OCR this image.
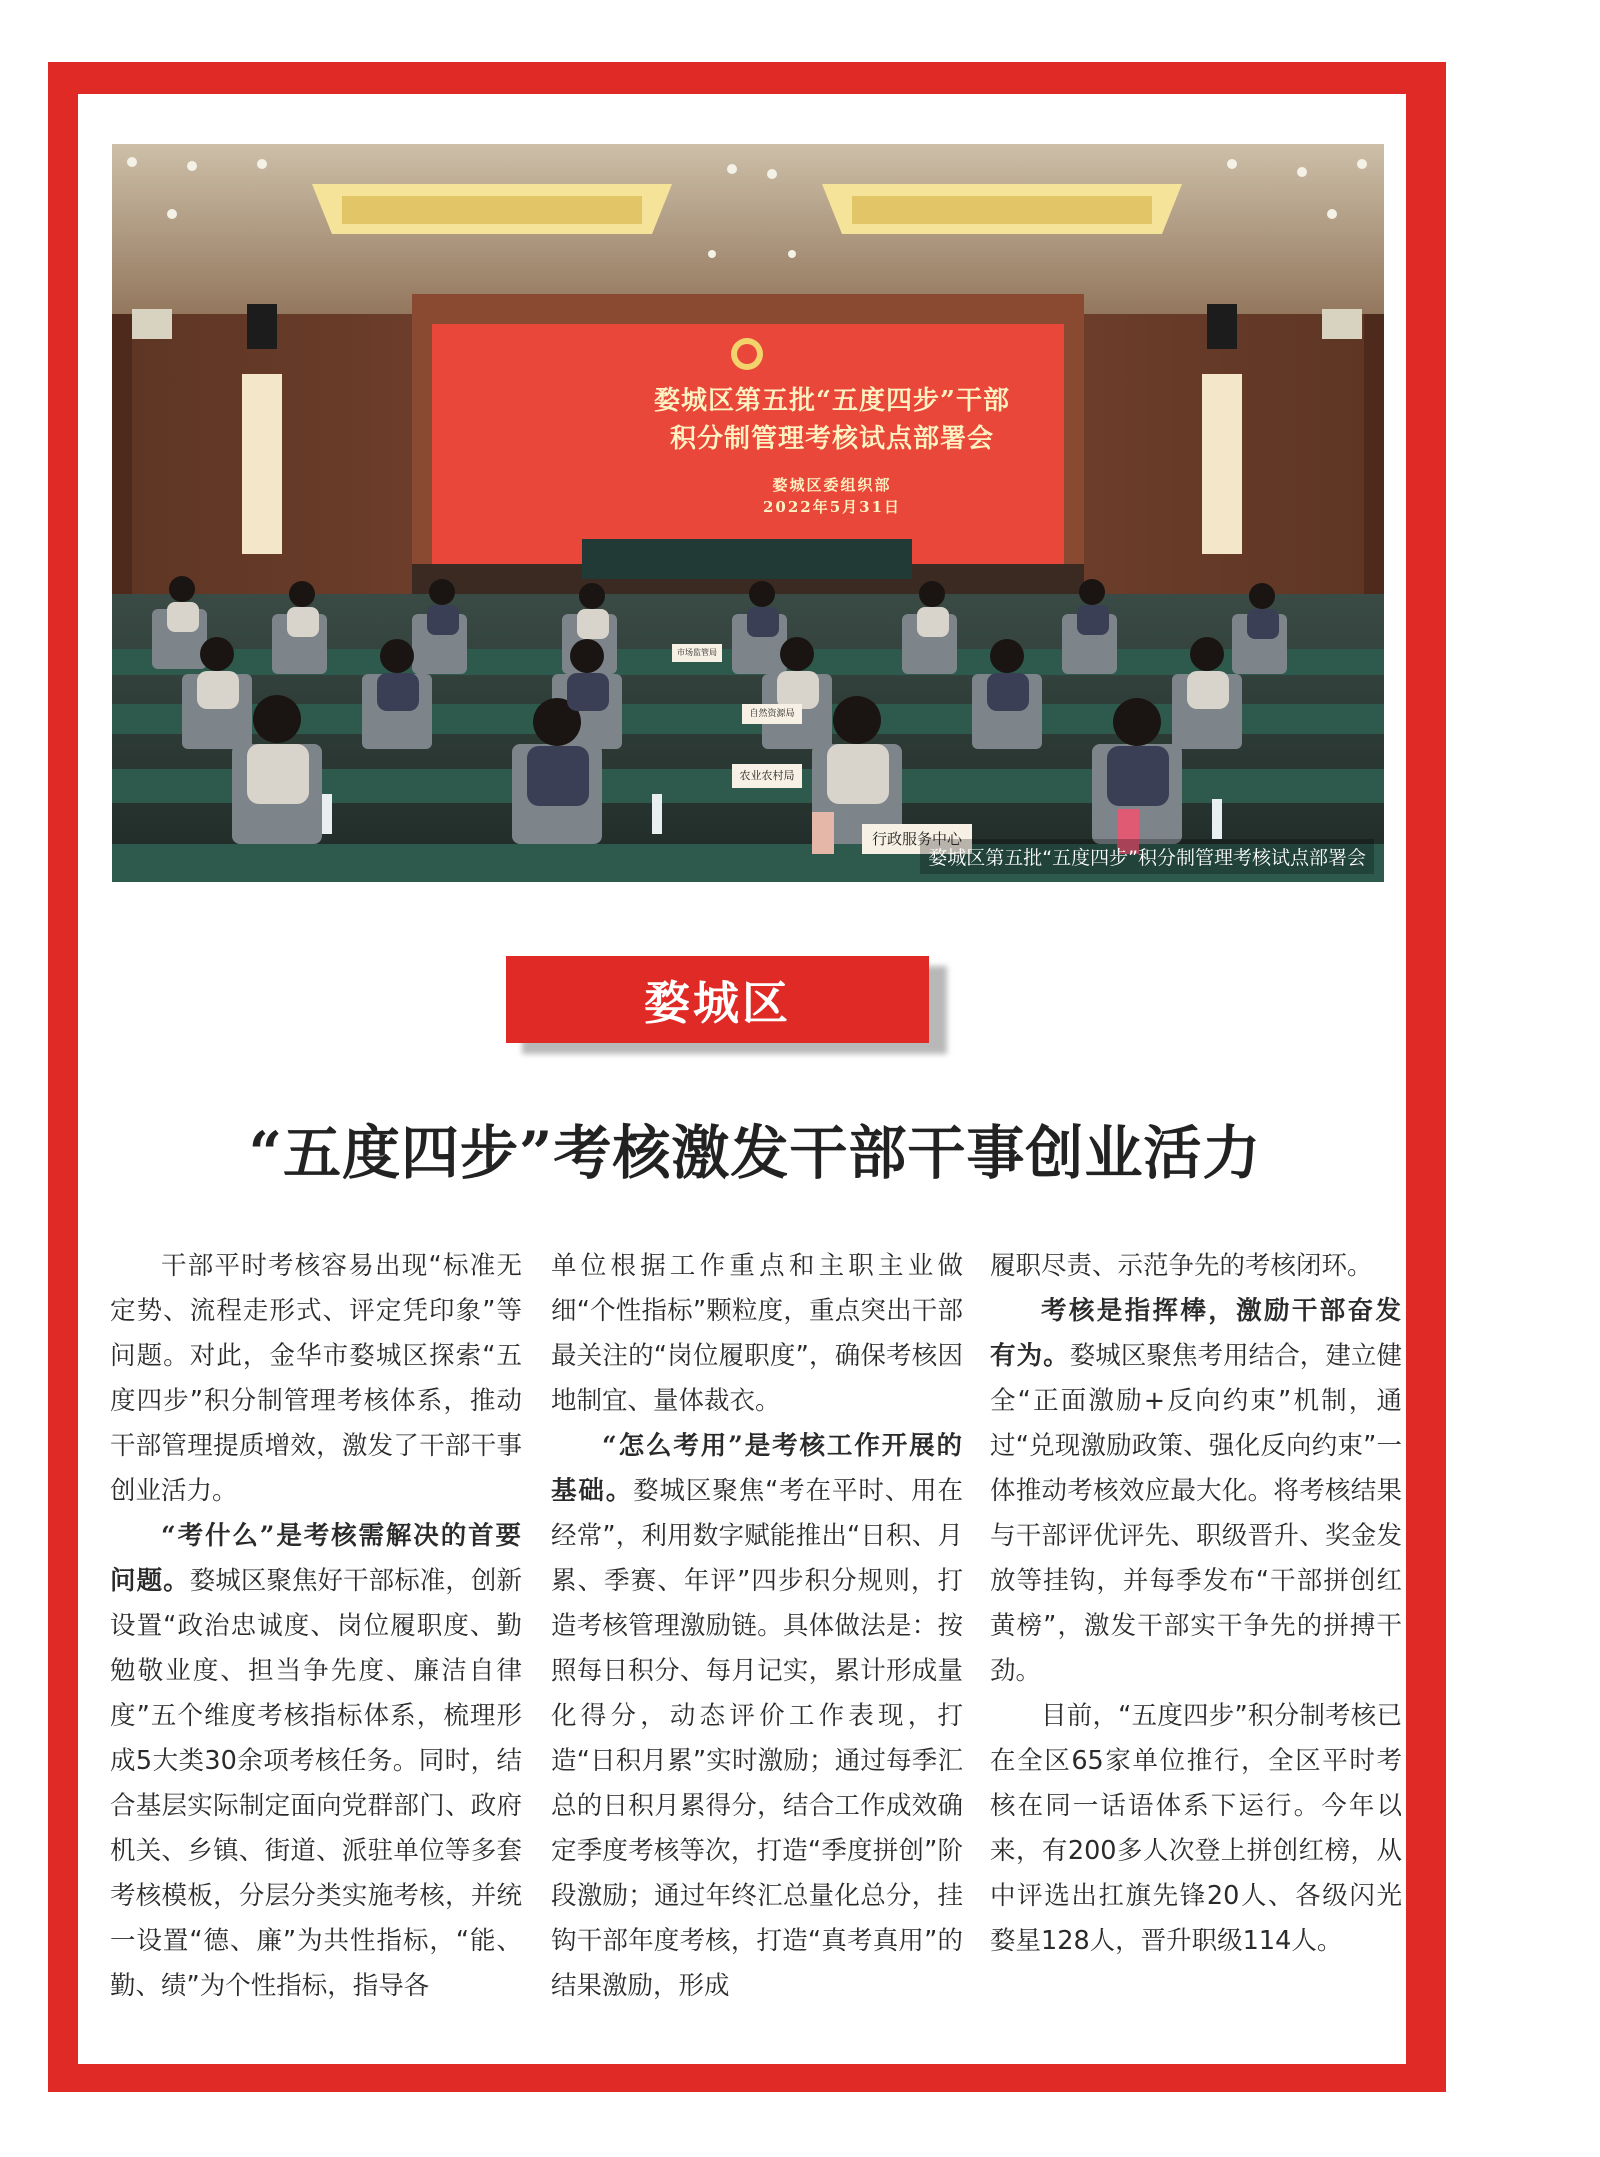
婺城区第五批“五度四步”干部
积分制管理考核试点部署会
婺城区委组织部
2022年5月31日
婺城区第五批“五度四步”积分制管理考核试点部署会
行政服务中心
农业农村局
自然资源局
市场监管局
婺城区
“五度四步”考核激发干部干事创业活力

干部平时考核容易出现“标准无定势、流程走形式、评定凭印象”等问题。对此，金华市婺城区探索“五度四步”积分制管理考核体系，推动干部管理提质增效，激发了干部干事创业活力。

“考什么”是考核需解决的首要问题。婺城区聚焦好干部标准，创新设置“政治忠诚度、岗位履职度、勤勉敬业度、担当争先度、廉洁自律度”五个维度考核指标体系，梳理形成5大类30余项考核任务。同时，结合基层实际制定面向党群部门、政府机关、乡镇、街道、派驻单位等多套考核模板，分层分类实施考核，并统一设置“德、廉”为共性指标，“能、勤、绩”为个性指标，指导各

单位根据工作重点和主职主业做细“个性指标”颗粒度，重点突出干部最关注的“岗位履职度”，确保考核因地制宜、量体裁衣。

“怎么考用”是考核工作开展的基础。婺城区聚焦“考在平时、用在经常”，利用数字赋能推出“日积、月累、季赛、年评”四步积分规则，打造考核管理激励链。具体做法是：按照每日积分、每月记实，累计形成量化得分，动态评价工作表现，打造“日积月累”实时激励；通过每季汇总的日积月累得分，结合工作成效确定季度考核等次，打造“季度拼创”阶段激励；通过年终汇总量化总分，挂钩干部年度考核，打造“真考真用”的结果激励，形成

履职尽责、示范争先的考核闭环。

考核是指挥棒，激励干部奋发有为。婺城区聚焦考用结合，建立健全“正面激励+反向约束”机制，通过“兑现激励政策、强化反向约束”一体推动考核效应最大化。将考核结果与干部评优评先、职级晋升、奖金发放等挂钩，并每季发布“干部拼创红黄榜”，激发干部实干争先的拼搏干劲。

目前，“五度四步”积分制考核已在全区65家单位推行，全区平时考核在同一话语体系下运行。今年以来，有200多人次登上拼创红榜，从中评选出扛旗先锋20人、各级闪光婺星128人，晋升职级114人。
